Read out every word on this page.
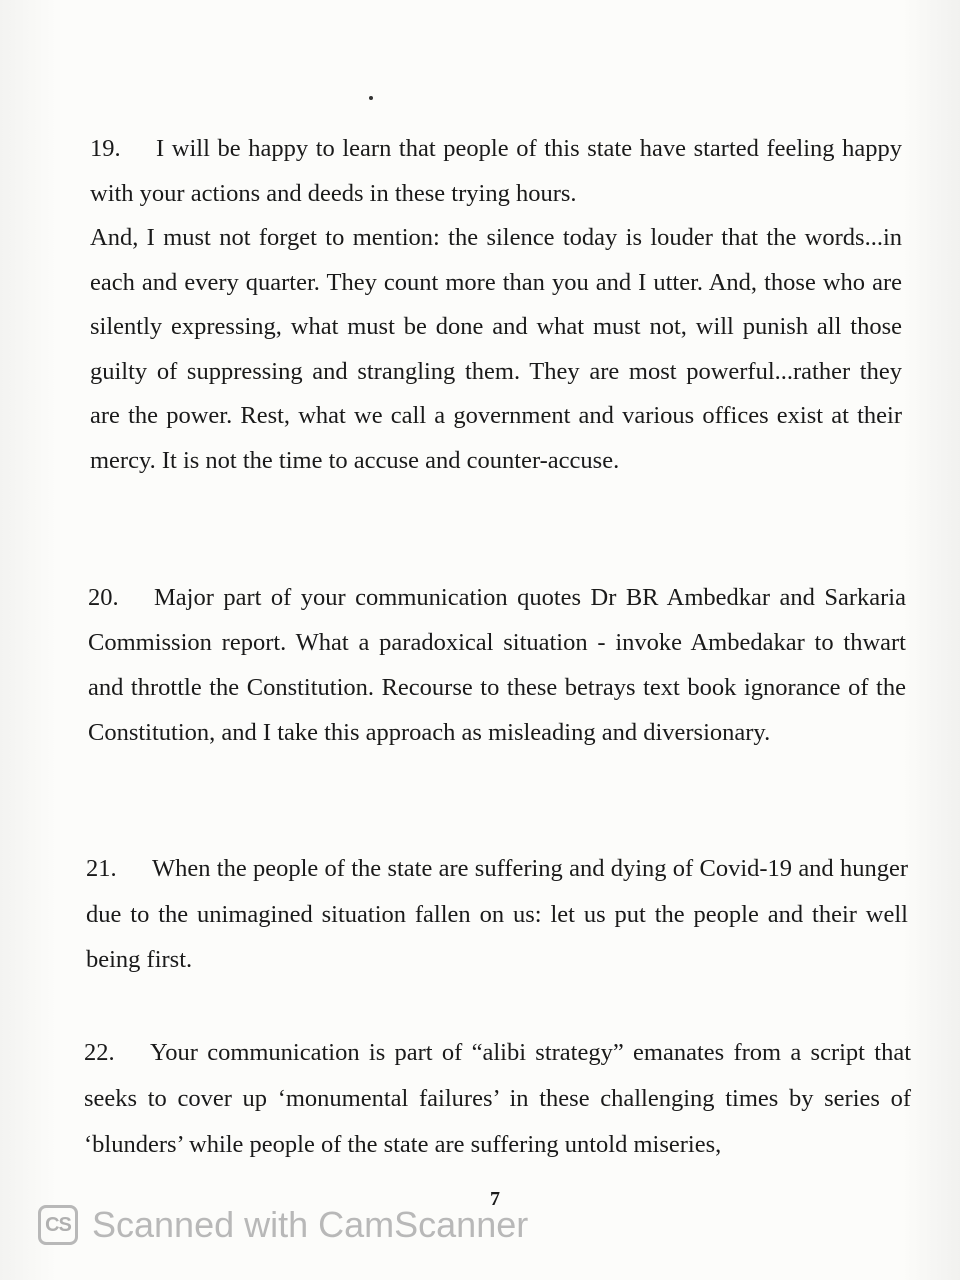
19. I will be happy to learn that people of this state have started feeling happy with your actions and deeds in these trying hours.

And, I must not forget to mention: the silence today is louder that the words...in each and every quarter. They count more than you and I utter. And, those who are silently expressing, what must be done and what must not, will punish all those guilty of suppressing and strangling them. They are most powerful...rather they are the power. Rest, what we call a government and various offices exist at their mercy. It is not the time to accuse and counter-accuse.

20. Major part of your communication quotes Dr BR Ambedkar and Sarkaria Commission report. What a paradoxical situation - invoke Ambedakar to thwart and throttle the Constitution. Recourse to these betrays text book ignorance of the Constitution, and I take this approach as misleading and diversionary.

21. When the people of the state are suffering and dying of Covid-19 and hunger due to the unimagined situation fallen on us: let us put the people and their well being first.

22. Your communication is part of “alibi strategy” emanates from a script that seeks to cover up ‘monumental failures’ in these challenging times by series of ‘blunders’ while people of the state are suffering untold miseries,

7
CS Scanned with CamScanner
